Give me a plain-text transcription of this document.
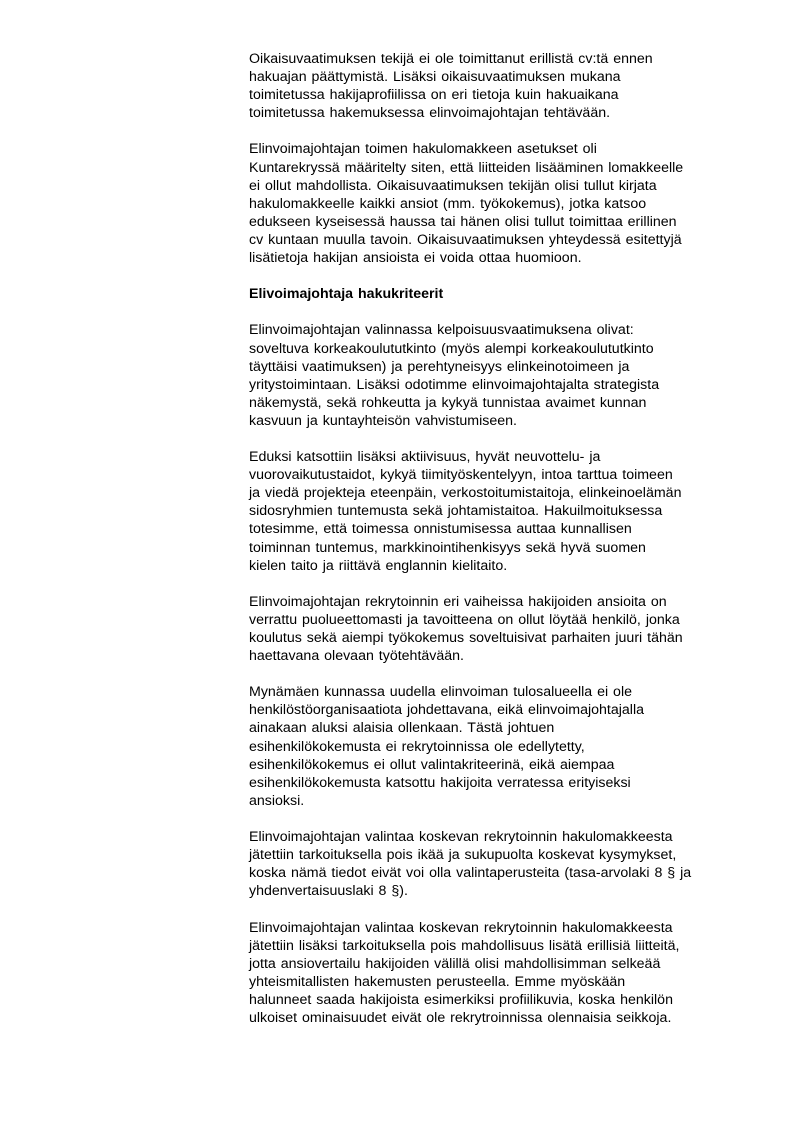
Oikaisuvaatimuksen tekijä ei ole toimittanut erillistä cv:tä ennen
hakuajan päättymistä. Lisäksi oikaisuvaatimuksen mukana
toimitetussa hakijaprofiilissa on eri tietoja kuin hakuaikana
toimitetussa hakemuksessa elinvoimajohtajan tehtävään.
Elinvoimajohtajan toimen hakulomakkeen asetukset oli
Kuntarekryssä määritelty siten, että liitteiden lisääminen lomakkeelle
ei ollut mahdollista. Oikaisuvaatimuksen tekijän olisi tullut kirjata
hakulomakkeelle kaikki ansiot (mm. työkokemus), jotka katsoo
edukseen kyseisessä haussa tai hänen olisi tullut toimittaa erillinen
cv kuntaan muulla tavoin. Oikaisuvaatimuksen yhteydessä esitettyjä
lisätietoja hakijan ansioista ei voida ottaa huomioon.
Elivoimajohtaja hakukriteerit
Elinvoimajohtajan valinnassa kelpoisuusvaatimuksena olivat:
soveltuva korkeakoulututkinto (myös alempi korkeakoulututkinto
täyttäisi vaatimuksen) ja perehtyneisyys elinkeinotoimeen ja
yritystoimintaan. Lisäksi odotimme elinvoimajohtajalta strategista
näkemystä, sekä rohkeutta ja kykyä tunnistaa avaimet kunnan
kasvuun ja kuntayhteisön vahvistumiseen.
Eduksi katsottiin lisäksi aktiivisuus, hyvät neuvottelu- ja
vuorovaikutustaidot, kykyä tiimityöskentelyyn, intoa tarttua toimeen
ja viedä projekteja eteenpäin, verkostoitumistaitoja, elinkeinoelämän
sidosryhmien tuntemusta sekä johtamistaitoa. Hakuilmoituksessa
totesimme, että toimessa onnistumisessa auttaa kunnallisen
toiminnan tuntemus, markkinointihenkisyys sekä hyvä suomen
kielen taito ja riittävä englannin kielitaito.
Elinvoimajohtajan rekrytoinnin eri vaiheissa hakijoiden ansioita on
verrattu puolueettomasti ja tavoitteena on ollut löytää henkilö, jonka
koulutus sekä aiempi työkokemus soveltuisivat parhaiten juuri tähän
haettavana olevaan työtehtävään.
Mynämäen kunnassa uudella elinvoiman tulosalueella ei ole
henkilöstöorganisaatiota johdettavana, eikä elinvoimajohtajalla
ainakaan aluksi alaisia ollenkaan. Tästä johtuen
esihenkilökokemusta ei rekrytoinnissa ole edellytetty,
esihenkilökokemus ei ollut valintakriteerinä, eikä aiempaa
esihenkilökokemusta katsottu hakijoita verratessa erityiseksi
ansioksi.
Elinvoimajohtajan valintaa koskevan rekrytoinnin hakulomakkeesta
jätettiin tarkoituksella pois ikää ja sukupuolta koskevat kysymykset,
koska nämä tiedot eivät voi olla valintaperusteita (tasa-arvolaki 8 § ja
yhdenvertaisuuslaki 8 §).
Elinvoimajohtajan valintaa koskevan rekrytoinnin hakulomakkeesta
jätettiin lisäksi tarkoituksella pois mahdollisuus lisätä erillisiä liitteitä,
jotta ansiovertailu hakijoiden välillä olisi mahdollisimman selkeää
yhteismitallisten hakemusten perusteella. Emme myöskään
halunneet saada hakijoista esimerkiksi profiilikuvia, koska henkilön
ulkoiset ominaisuudet eivät ole rekrytroinnissa olennaisia seikkoja.
